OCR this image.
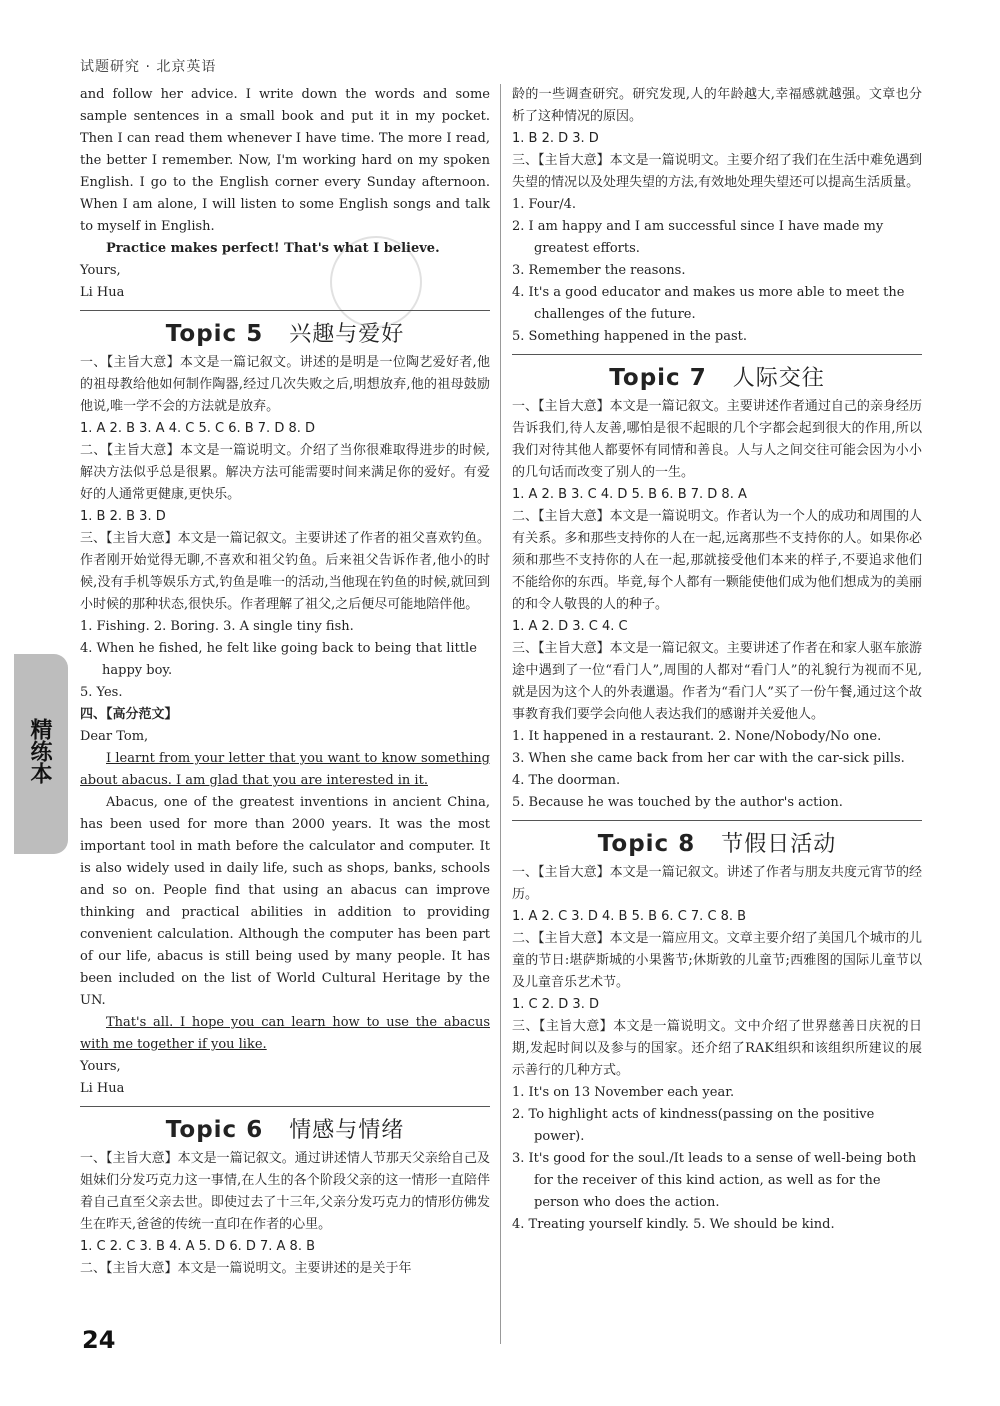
试题研究 · 北京英语
精练本

and follow her advice. I write down the words and some sample sentences in a small book and put it in my pocket. Then I can read them whenever I have time. The more I read, the better I remember. Now, I'm working hard on my spoken English. I go to the English corner every Sunday afternoon. When I am alone, I will listen to some English songs and talk to myself in English.

Practice makes perfect! That's what I believe.

Yours,
Li Hua
Topic 5 兴趣与爱好

一、【主旨大意】本文是一篇记叙文。讲述的是明是一位陶艺爱好者,他的祖母教给他如何制作陶器,经过几次失败之后,明想放弃,他的祖母鼓励他说,唯一学不会的方法就是放弃。

1. A 2. B 3. A 4. C 5. C 6. B 7. D 8. D

二、【主旨大意】本文是一篇说明文。介绍了当你很难取得进步的时候,解决方法似乎总是很累。解决方法可能需要时间来满足你的爱好。有爱好的人通常更健康,更快乐。

1. B 2. B 3. D

三、【主旨大意】本文是一篇记叙文。主要讲述了作者的祖父喜欢钓鱼。作者刚开始觉得无聊,不喜欢和祖父钓鱼。后来祖父告诉作者,他小的时候,没有手机等娱乐方式,钓鱼是唯一的活动,当他现在钓鱼的时候,就回到小时候的那种状态,很快乐。作者理解了祖父,之后便尽可能地陪伴他。

1. Fishing. 2. Boring. 3. A single tiny fish.
4. When he fished, he felt like going back to being that little happy boy.
5. Yes.
四、【高分范文】
Dear Tom,

I learnt from your letter that you want to know something about abacus. I am glad that you are interested in it.

Abacus, one of the greatest inventions in ancient China, has been used for more than 2000 years. It was the most important tool in math before the calculator and computer. It is also widely used in daily life, such as shops, banks, schools and so on. People find that using an abacus can improve thinking and practical abilities in addition to providing convenient calculation. Although the computer has been part of our life, abacus is still being used by many people. It has been included on the list of World Cultural Heritage by the UN.

That's all. I hope you can learn how to use the abacus with me together if you like.

Yours,
Li Hua
Topic 6 情感与情绪

一、【主旨大意】本文是一篇记叙文。通过讲述情人节那天父亲给自己及姐妹们分发巧克力这一事情,在人生的各个阶段父亲的这一情形一直陪伴着自己直至父亲去世。即使过去了十三年,父亲分发巧克力的情形仿佛发生在昨天,爸爸的传统一直印在作者的心里。

1. C 2. C 3. B 4. A 5. D 6. D 7. A 8. B

二、【主旨大意】本文是一篇说明文。主要讲述的是关于年

龄的一些调查研究。研究发现,人的年龄越大,幸福感就越强。文章也分析了这种情况的原因。

1. B 2. D 3. D

三、【主旨大意】本文是一篇说明文。主要介绍了我们在生活中难免遇到失望的情况以及处理失望的方法,有效地处理失望还可以提高生活质量。

1. Four/4.
2. I am happy and I am successful since I have made my greatest efforts.
3. Remember the reasons.
4. It's a good educator and makes us more able to meet the challenges of the future.
5. Something happened in the past.
Topic 7 人际交往

一、【主旨大意】本文是一篇记叙文。主要讲述作者通过自己的亲身经历告诉我们,待人友善,哪怕是很不起眼的几个字都会起到很大的作用,所以我们对待其他人都要怀有同情和善良。人与人之间交往可能会因为小小的几句话而改变了别人的一生。

1. A 2. B 3. C 4. D 5. B 6. B 7. D 8. A

二、【主旨大意】本文是一篇说明文。作者认为一个人的成功和周围的人有关系。多和那些支持你的人在一起,远离那些不支持你的人。如果你必须和那些不支持你的人在一起,那就接受他们本来的样子,不要追求他们不能给你的东西。毕竟,每个人都有一颗能使他们成为他们想成为的美丽的和令人敬畏的人的种子。

1. A 2. D 3. C 4. C

三、【主旨大意】本文是一篇记叙文。主要讲述了作者在和家人驱车旅游途中遇到了一位“看门人”,周围的人都对“看门人”的礼貌行为视而不见,就是因为这个人的外表邋遢。作者为“看门人”买了一份午餐,通过这个故事教育我们要学会向他人表达我们的感谢并关爱他人。

1. It happened in a restaurant. 2. None/Nobody/No one.
3. When she came back from her car with the car-sick pills.
4. The doorman.
5. Because he was touched by the author's action.
Topic 8 节假日活动

一、【主旨大意】本文是一篇记叙文。讲述了作者与朋友共度元宵节的经历。

1. A 2. C 3. D 4. B 5. B 6. C 7. C 8. B

二、【主旨大意】本文是一篇应用文。文章主要介绍了美国几个城市的儿童的节日:堪萨斯城的小果酱节;休斯敦的儿童节;西雅图的国际儿童节以及儿童音乐艺术节。

1. C 2. D 3. D

三、【主旨大意】本文是一篇说明文。文中介绍了世界慈善日庆祝的日期,发起时间以及参与的国家。还介绍了RAK组织和该组织所建议的展示善行的几种方式。

1. It's on 13 November each year.
2. To highlight acts of kindness(passing on the positive power).
3. It's good for the soul./It leads to a sense of well-being both for the receiver of this kind action, as well as for the person who does the action.
4. Treating yourself kindly. 5. We should be kind.
24
